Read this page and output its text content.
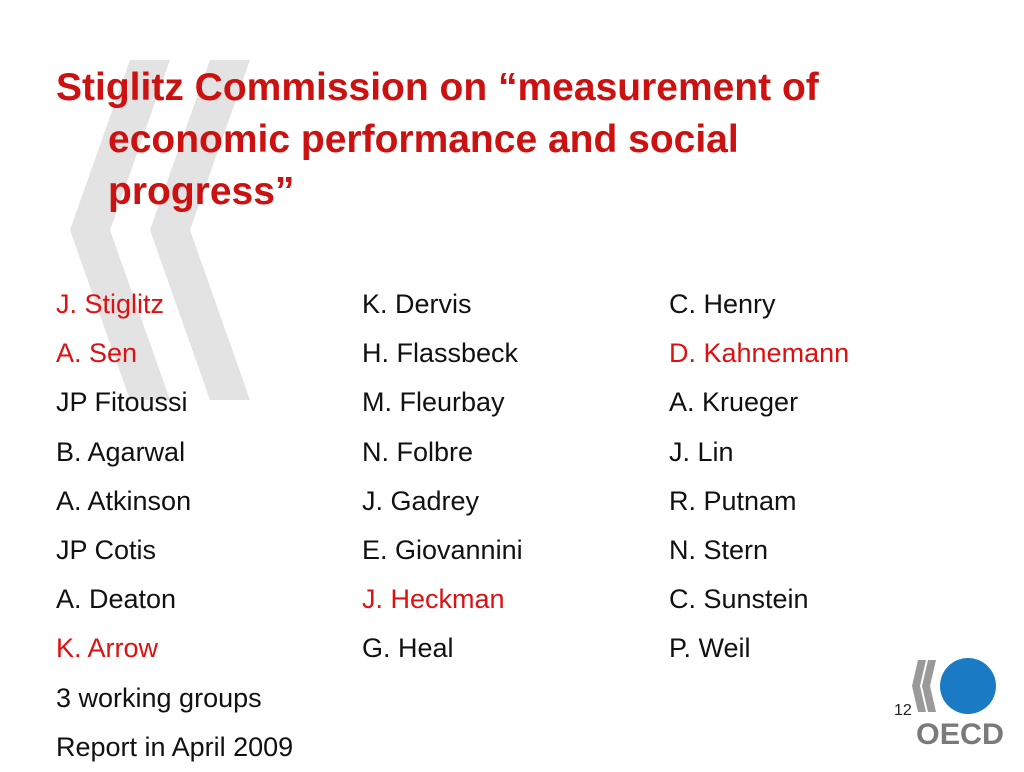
Stiglitz Commission on “measurement of
economic performance and social
progress”
J. Stiglitz
A. Sen
JP Fitoussi
B. Agarwal
A. Atkinson
JP Cotis
A. Deaton
K. Arrow
3 working groups
Report in April 2009
K. Dervis
H. Flassbeck
M. Fleurbay
N. Folbre
J. Gadrey
E. Giovannini
J. Heckman
G. Heal
C. Henry
D. Kahnemann
A. Krueger
J. Lin
R. Putnam
N. Stern
C. Sunstein
P. Weil
12
OECD
